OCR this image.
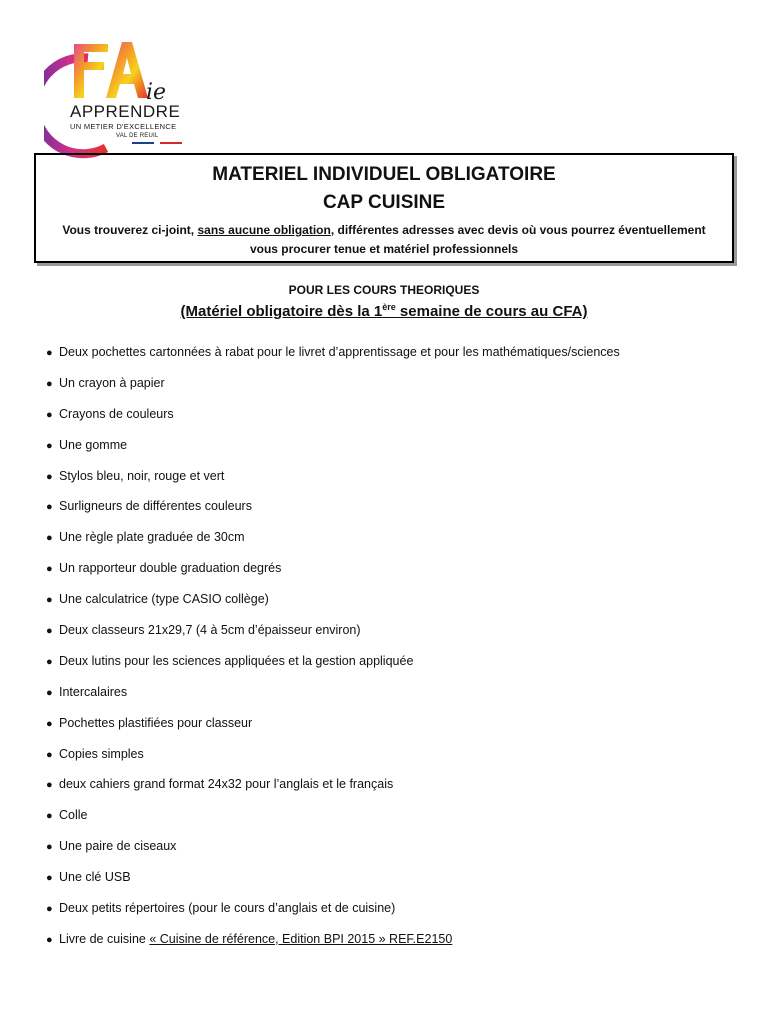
ie
APPRENDRE
UN METIER D'EXCELLENCE
VAL DE REUIL
MATERIEL INDIVIDUEL OBLIGATOIRE
CAP CUISINE
Vous trouverez ci-joint, sans aucune obligation, différentes adresses avec devis où vous pourrez éventuellement vous procurer tenue et matériel professionnels
POUR LES COURS THEORIQUES
(Matériel obligatoire dès la 1ère semaine de cours au CFA)
● Deux pochettes cartonnées à rabat pour le livret d’apprentissage et pour les mathématiques/sciences
● Un crayon à papier
● Crayons de couleurs
● Une gomme
● Stylos bleu, noir, rouge et vert
● Surligneurs de différentes couleurs
● Une règle plate graduée de 30cm
● Un rapporteur double graduation degrés
● Une calculatrice (type CASIO collège)
● Deux classeurs 21x29,7 (4 à 5cm d’épaisseur environ)
● Deux lutins pour les sciences appliquées et la gestion appliquée
● Intercalaires
● Pochettes plastifiées pour classeur
● Copies simples
● deux cahiers grand format 24x32 pour l’anglais et le français
● Colle
● Une paire de ciseaux
● Une clé USB
● Deux petits répertoires (pour le cours d’anglais et de cuisine)
● Livre de cuisine « Cuisine de référence, Edition BPI 2015 » REF.E2150
